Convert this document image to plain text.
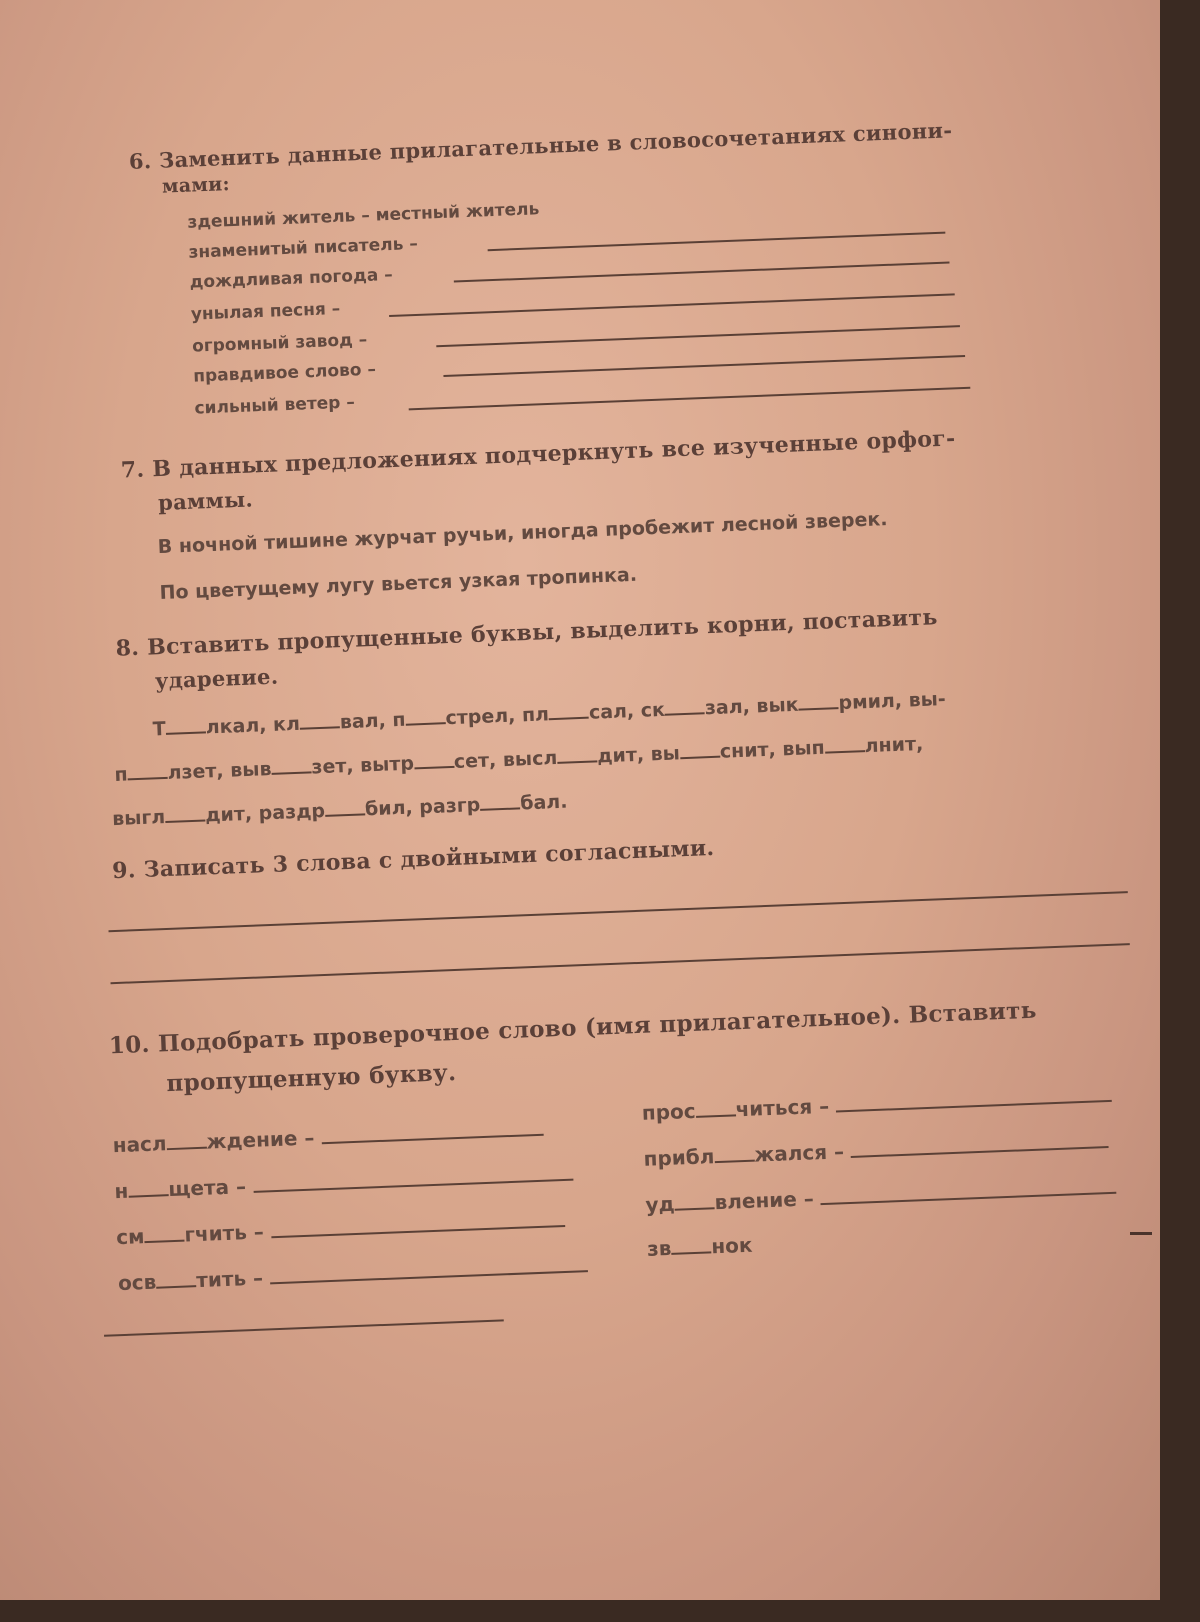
6. Заменить данные прилагательные в словосочетаниях синони-
мами:
здешний житель – местный житель
знаменитый писатель –
дождливая погода –
унылая песня –
огромный завод –
правдивое слово –
сильный ветер –
7. В данных предложениях подчеркнуть все изученные орфог-
раммы.
В ночной тишине журчат ручьи, иногда пробежит лесной зверек.
По цветущему лугу вьется узкая тропинка.
8. Вставить пропущенные буквы, выделить корни, поставить
ударение.
Т лкал, кл вал, п стрел, пл сал, ск зал, вык рмил, вы-
п лзет, выв зет, вытр сет, высл дит, вы снит, вып лнит,
выгл дит, раздр бил, разгр бал.
9. Записать 3 слова с двойными согласными.
10. Подобрать проверочное слово (имя прилагательное). Вставить
пропущенную букву.
насл ждение –
н щета –
см гчить –
осв тить –
прос читься –
прибл жался –
уд вление –
зв нок
